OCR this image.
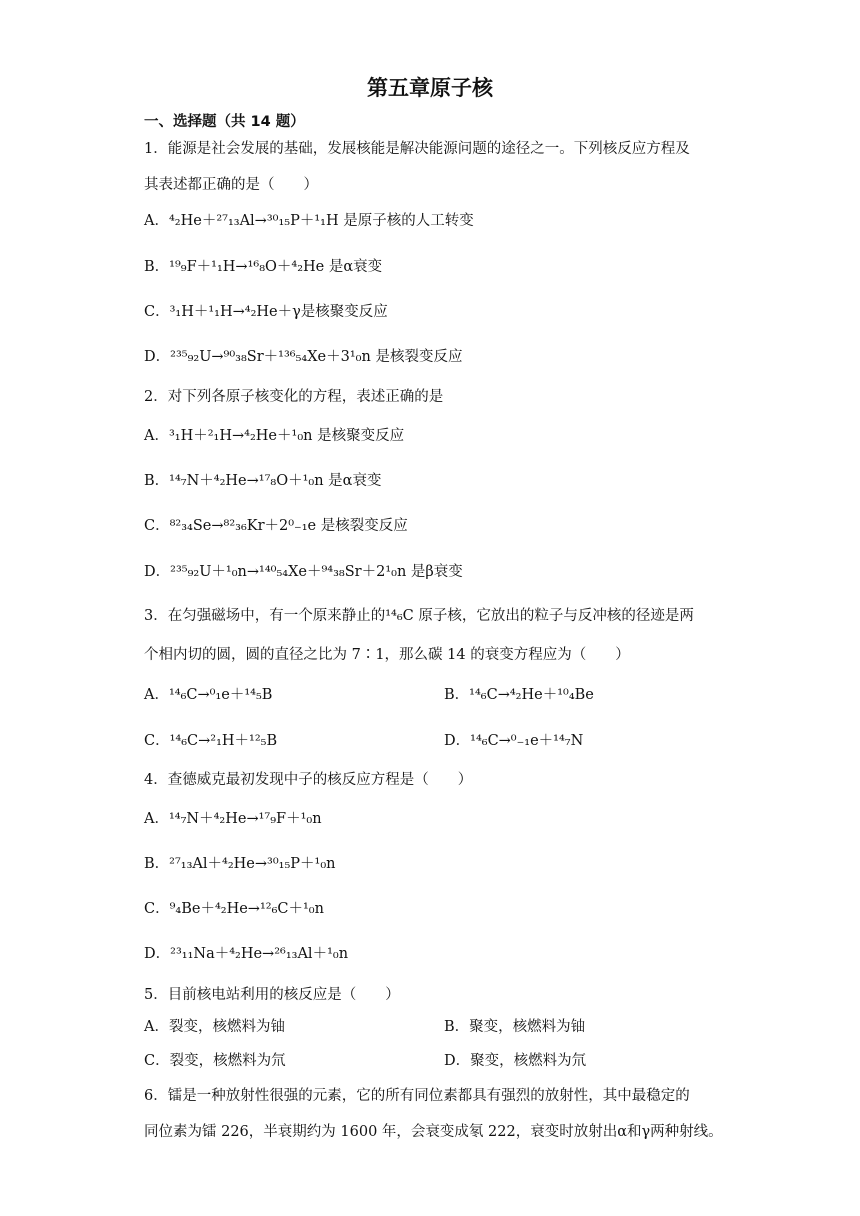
第五章原子核
一、选择题（共 14 题）
1．能源是社会发展的基础，发展核能是解决能源问题的途径之一。下列核反应方程及
其表述都正确的是（　　）
A．⁴₂He＋²⁷₁₃Al→³⁰₁₅P＋¹₁H 是原子核的人工转变
B．¹⁹₉F＋¹₁H→¹⁶₈O＋⁴₂He 是α衰变
C．³₁H＋¹₁H→⁴₂He＋γ是核聚变反应
D．²³⁵₉₂U→⁹⁰₃₈Sr＋¹³⁶₅₄Xe＋3¹₀n 是核裂变反应
2．对下列各原子核变化的方程，表述正确的是
A．³₁H＋²₁H→⁴₂He＋¹₀n 是核聚变反应
B．¹⁴₇N＋⁴₂He→¹⁷₈O＋¹₀n 是α衰变
C．⁸²₃₄Se→⁸²₃₆Kr＋2⁰₋₁e 是核裂变反应
D．²³⁵₉₂U＋¹₀n→¹⁴⁰₅₄Xe＋⁹⁴₃₈Sr＋2¹₀n 是β衰变
3．在匀强磁场中，有一个原来静止的¹⁴₆C 原子核，它放出的粒子与反冲核的径迹是两
个相内切的圆，圆的直径之比为 7∶1，那么碳 14 的衰变方程应为（　　）
A．¹⁴₆C→⁰₁e＋¹⁴₅B	B．¹⁴₆C→⁴₂He＋¹⁰₄Be
C．¹⁴₆C→²₁H＋¹²₅B	D．¹⁴₆C→⁰₋₁e＋¹⁴₇N
4．查德威克最初发现中子的核反应方程是（　　）
A．¹⁴₇N＋⁴₂He→¹⁷₉F＋¹₀n
B．²⁷₁₃Al＋⁴₂He→³⁰₁₅P＋¹₀n
C．⁹₄Be＋⁴₂He→¹²₆C＋¹₀n
D．²³₁₁Na＋⁴₂He→²⁶₁₃Al＋¹₀n
5．目前核电站利用的核反应是（　　）
A．裂变，核燃料为铀	B．聚变，核燃料为铀
C．裂变，核燃料为氘	D．聚变，核燃料为氘
6．镭是一种放射性很强的元素，它的所有同位素都具有强烈的放射性，其中最稳定的
同位素为镭 226，半衰期约为 1600 年，会衰变成氡 222，衰变时放射出α和γ两种射线。
